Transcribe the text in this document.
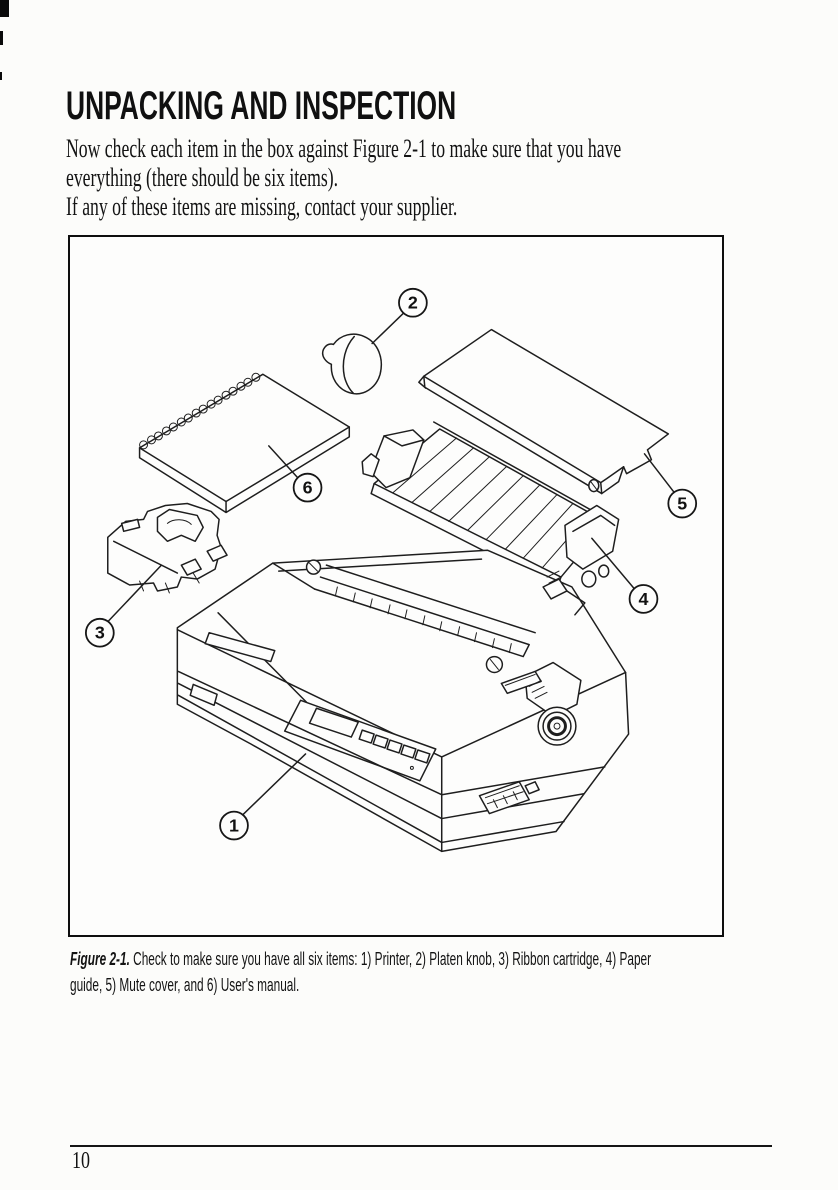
UNPACKING AND INSPECTION
Now check each item in the box against Figure 2-1 to make sure that you have
everything (there should be six items).
If any of these items are missing, contact your supplier.
1
2
3
4
5
6
Figure 2-1. Check to make sure you have all six items: 1) Printer, 2) Platen knob, 3) Ribbon cartridge, 4) Paper
guide, 5) Mute cover, and 6) User's manual.
10
